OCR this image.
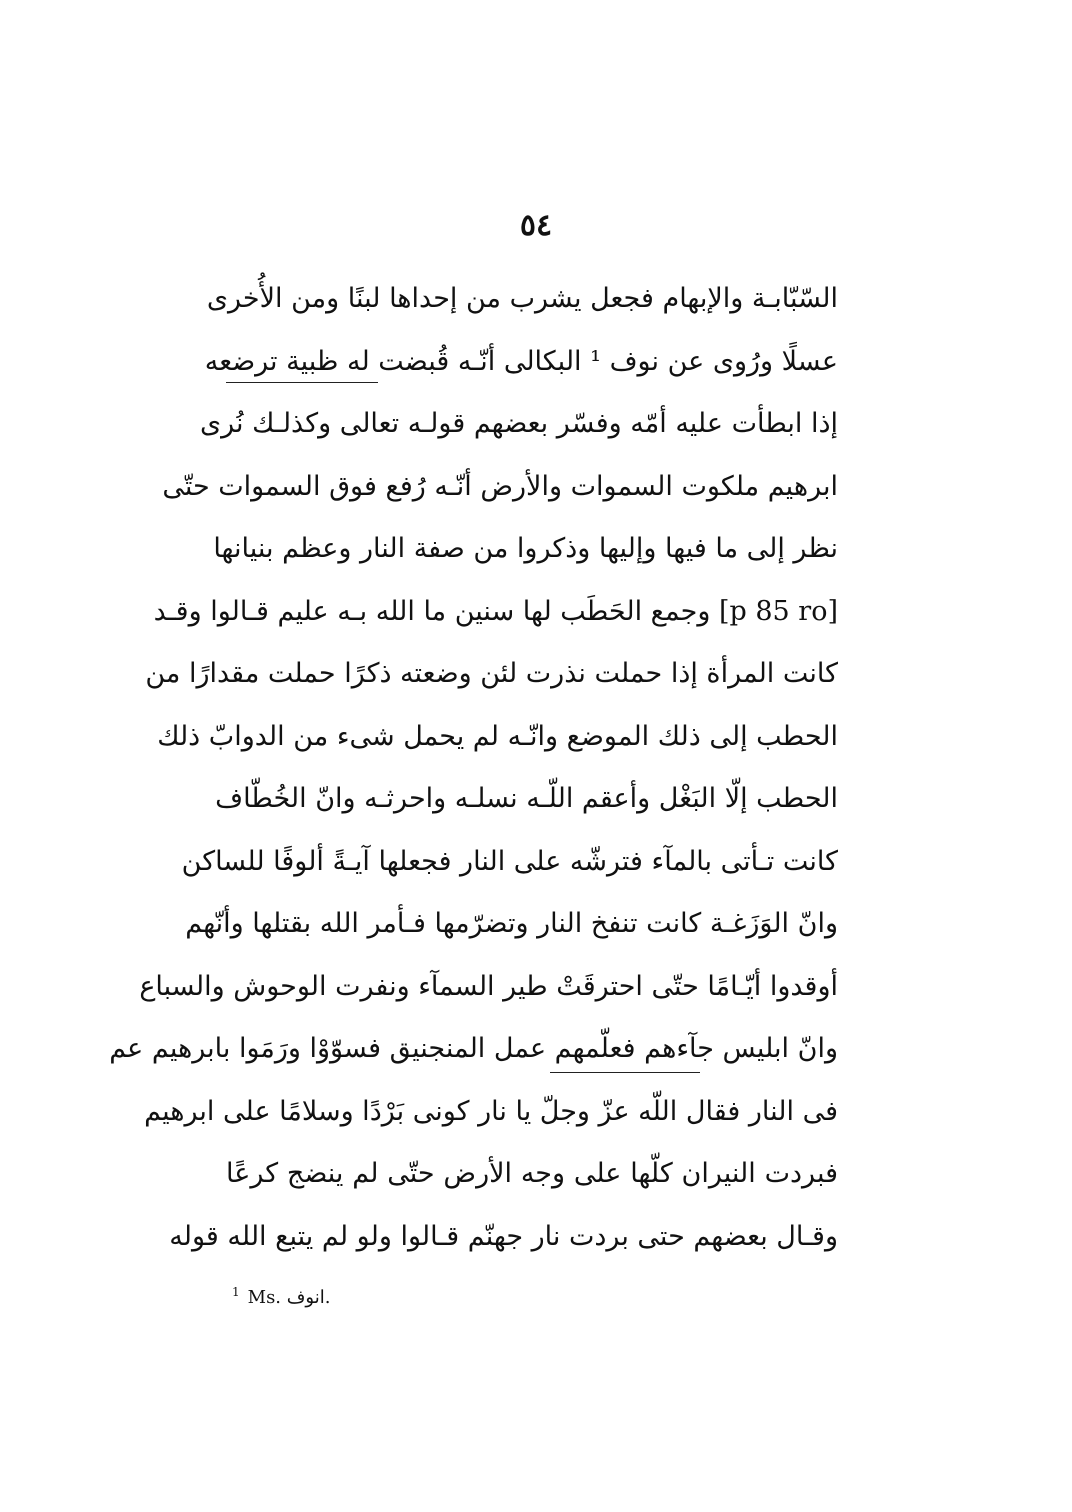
٥٤
السّبّابـة والإبهام فجعل يشرب من إحداها لبنًا ومن الأُخرى
عسلًا ورُوى عن نوف ¹ البكالى أنّـه قُبضت له ظبية ترضعه
إذا ابطأت عليه أمّه وفسّر بعضهم قولـه تعالى وكذلـك نُرى
ابرهيم ملكوت السموات والأرض أنّـه رُفع فوق السموات حتّى
نظر إلى ما فيها وإليها وذكروا من صفة النار وعظم بنيانها
[p 85 ro] وجمع الحَطَب لها سنين ما الله بـه عليم قـالوا وقـد
كانت المرأة إذا حملت نذرت لئن وضعته ذكرًا حملت مقدارًا من
الحطب إلى ذلك الموضع وانّـه لم يحمل شىء من الدوابّ ذلك
الحطب إلّا البَغْل وأعقم اللّـه نسلـه واحرثـه وانّ الخُطّاف
كانت تـأتى بالمآء فترشّه على النار فجعلها آيـةً ألوفًا للساكن
وانّ الوَزَغـة كانت تنفخ النار وتضرّمها فـأمر الله بقتلها وأنّهم
أوقدوا أيّـامًا حتّى احترقَتْ طير السمآء ونفرت الوحوش والسباع
وانّ ابليس جآءهم فعلّمهم عمل المنجنيق فسوّوْا ورَمَوا بابرهيم عم
فى النار فقال اللّه عزّ وجلّ يا نار كونى بَرْدًا وسلامًا على ابرهيم
فبردت النيران كلّها على وجه الأرض حتّى لم ينضج كرعًا
وقـال بعضهم حتى بردت نار جهنّم قـالوا ولو لم يتبع الله قوله
$^1$ Ms. انوف.
